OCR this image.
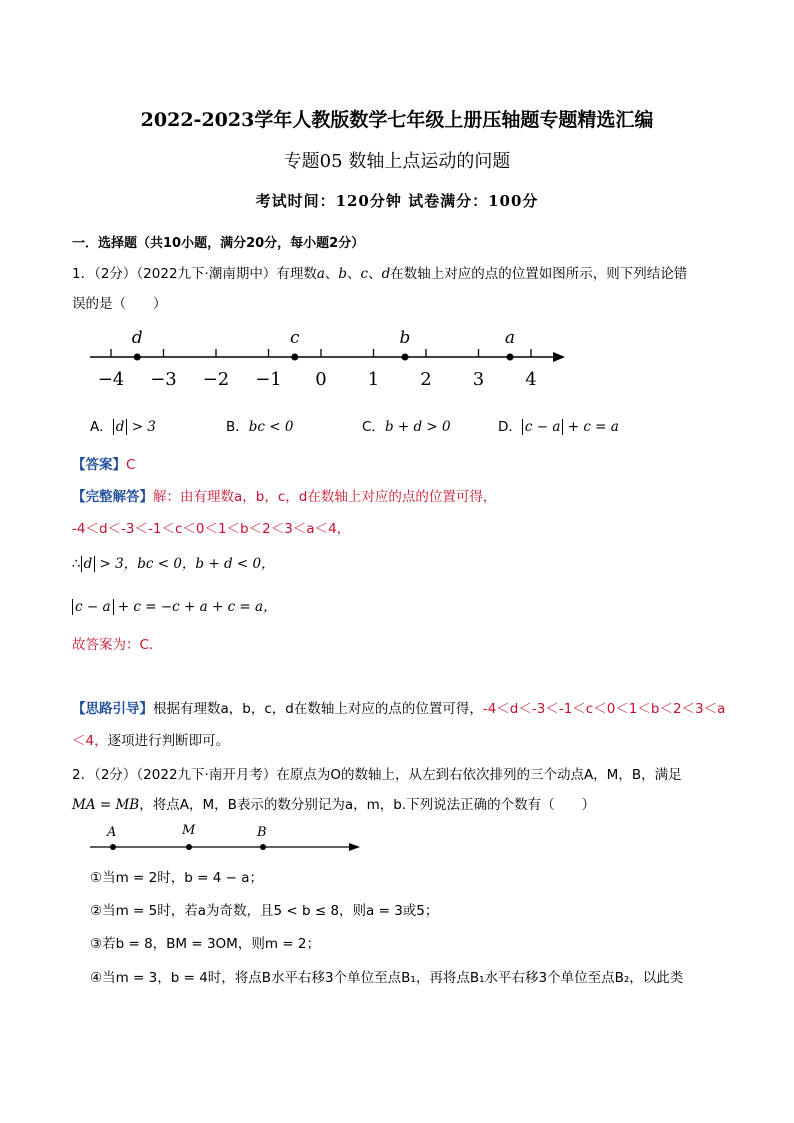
2022-2023学年人教版数学七年级上册压轴题专题精选汇编
专题05 数轴上点运动的问题
考试时间：120分钟 试卷满分：100分
一．选择题（共10小题，满分20分，每小题2分）
1．（2分）（2022九下·潮南期中）有理数a、b、c、d在数轴上对应的点的位置如图所示，则下列结论错
误的是（　　）
−4 −3 −2 −1 0 1 2 3 4
d	c	b	a
A． d > 3	B．bc < 0	C．b + d > 0	D． c − a + c = a
【答案】C
【完整解答】解：由有理数a，b，c，d在数轴上对应的点的位置可得，
-4＜d＜-3＜-1＜c＜0＜1＜b＜2＜3＜a＜4，
∴ d > 3，bc < 0，b + d < 0，
c − a + c = −c + a + c = a，
故答案为：C．
【思路引导】根据有理数a，b，c，d在数轴上对应的点的位置可得，-4＜d＜-3＜-1＜c＜0＜1＜b＜2＜3＜a
＜4，逐项进行判断即可。
2．（2分）（2022九下·南开月考）在原点为O的数轴上，从左到右依次排列的三个动点A，M，B，满足
MA = MB，将点A，M，B表示的数分别记为a，m，b.下列说法正确的个数有（　　）
A	M	B
①当m = 2时，b = 4 − a；
②当m = 5时，若a为奇数，且5 < b ≤ 8，则a = 3或5；
③若b = 8，BM = 3OM，则m = 2；
④当m = 3，b = 4时，将点B水平右移3个单位至点B₁，再将点B₁水平右移3个单位至点B₂，以此类
